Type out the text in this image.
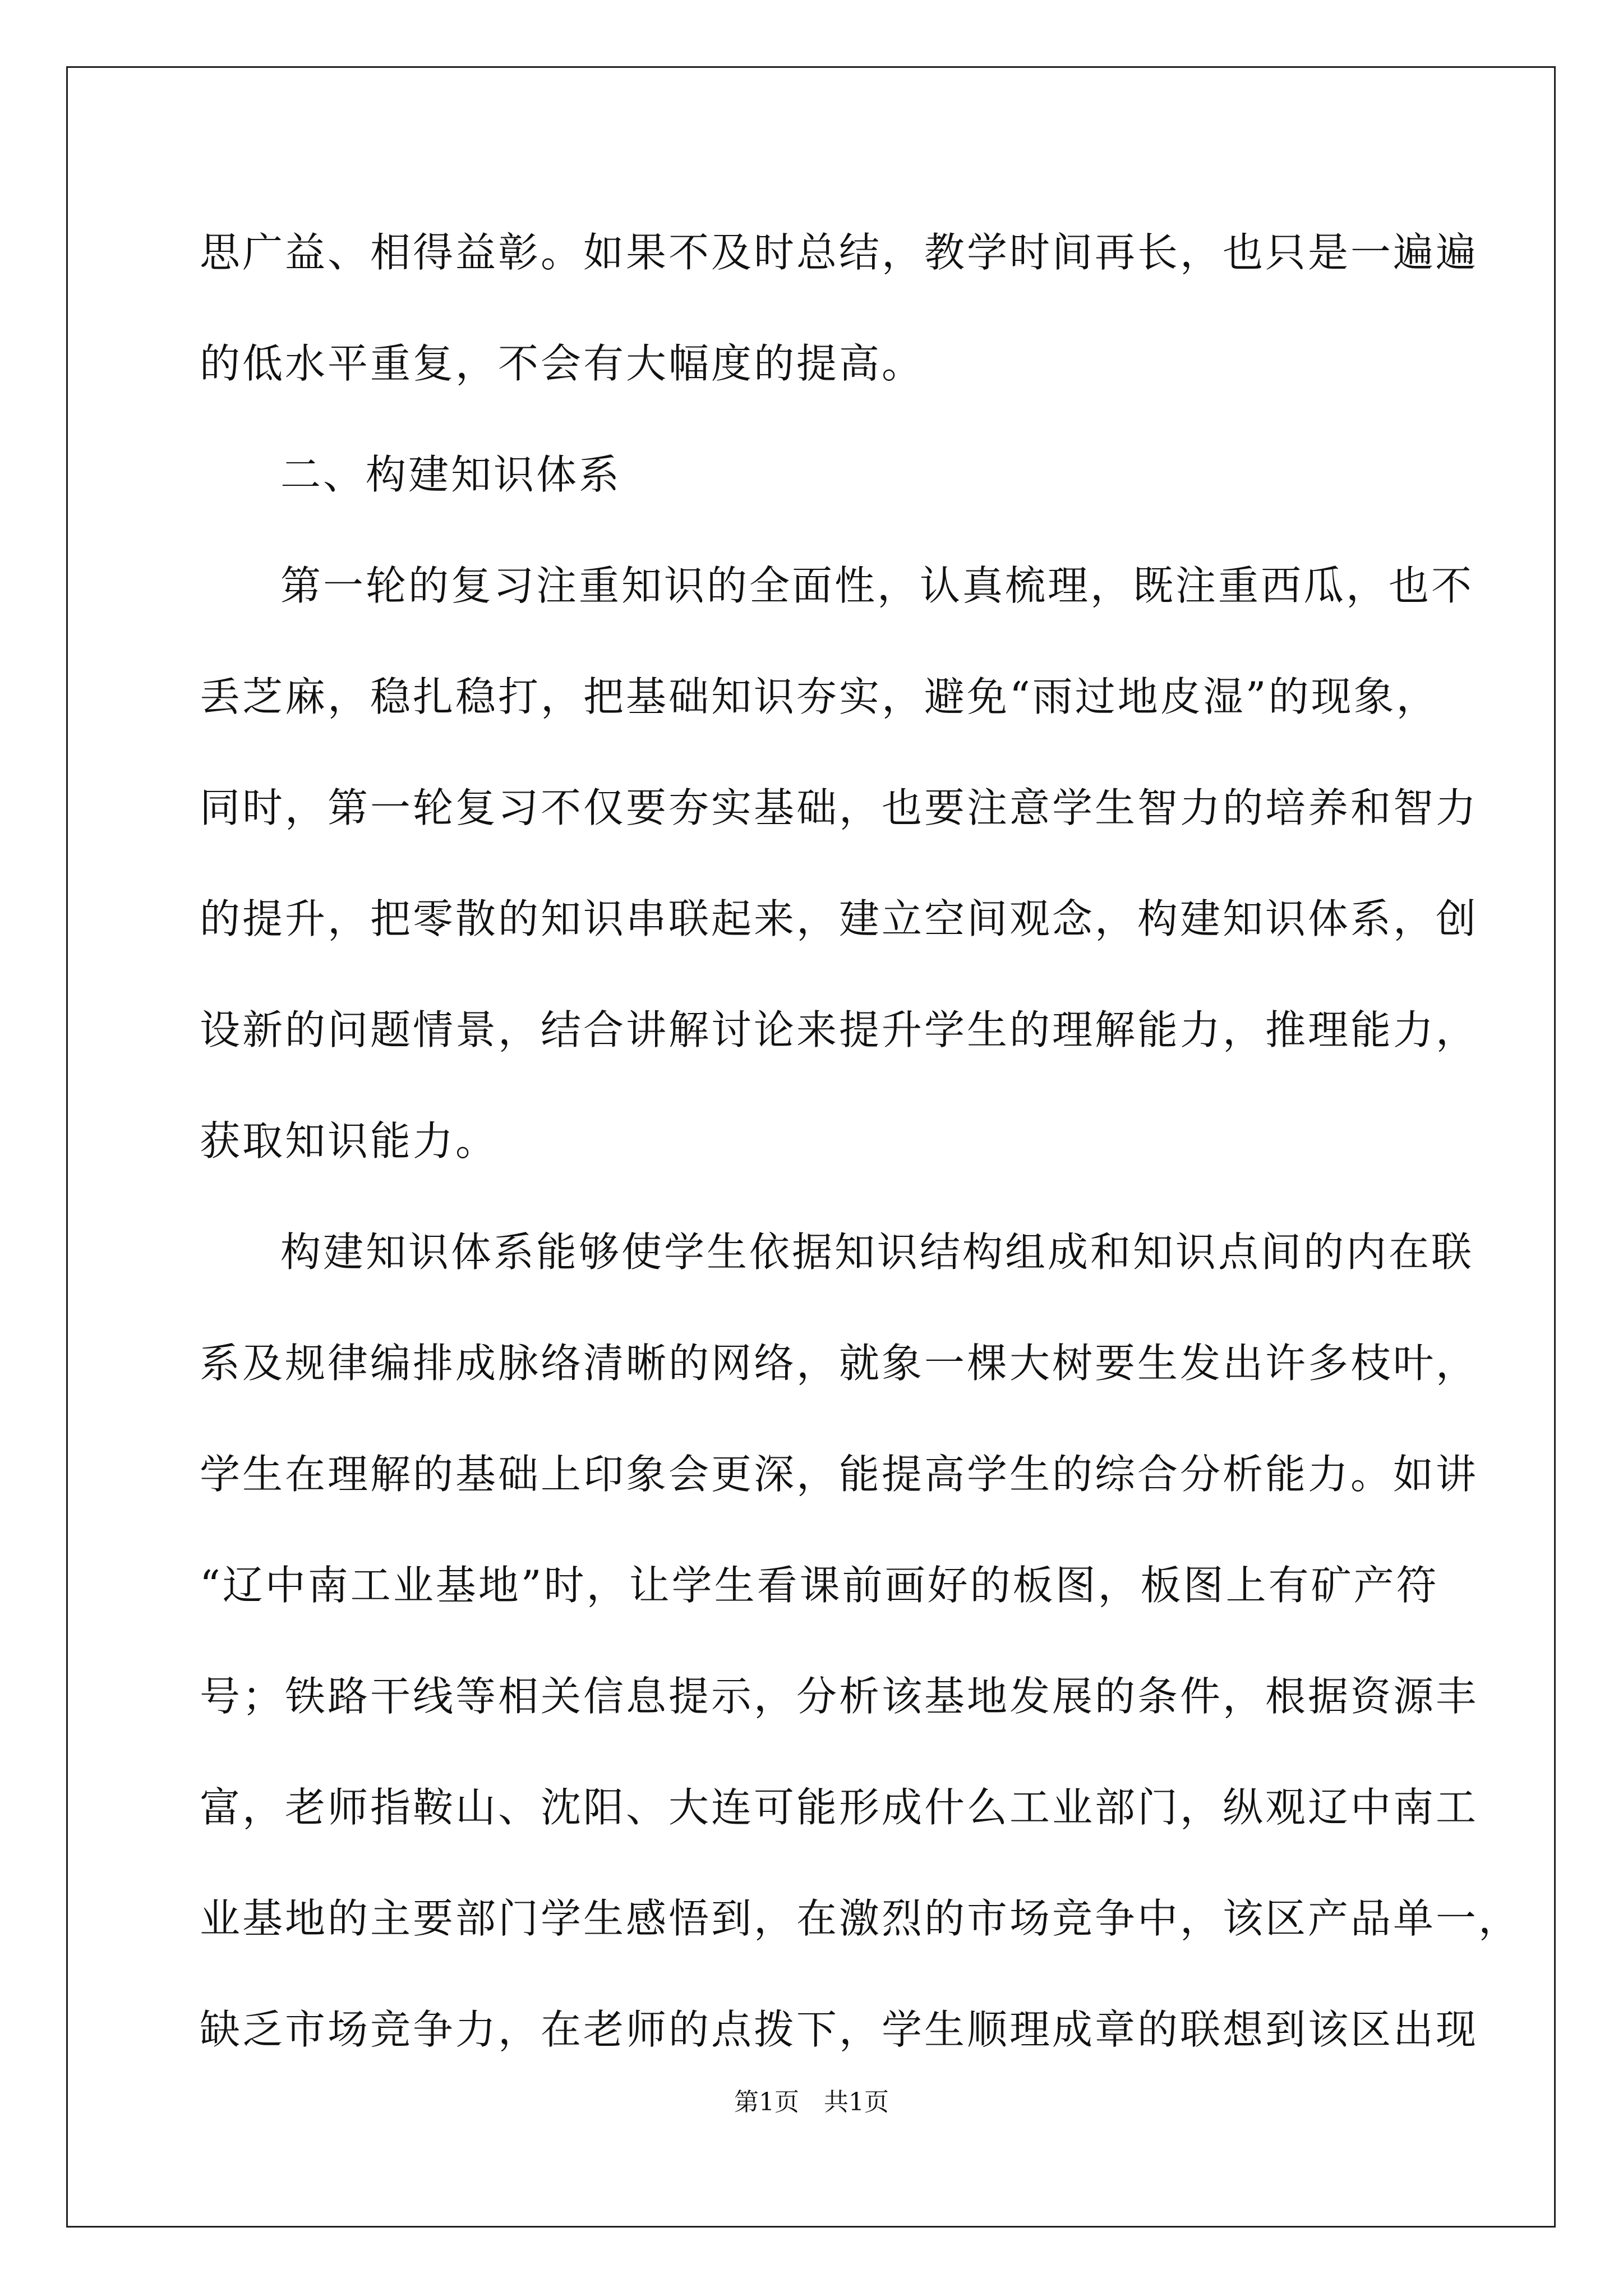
思广益、相得益彰。如果不及时总结，教学时间再长，也只是一遍遍
的低水平重复，不会有大幅度的提高。
二、构建知识体系
第一轮的复习注重知识的全面性，认真梳理，既注重西瓜，也不
丢芝麻，稳扎稳打，把基础知识夯实，避免“雨过地皮湿”的现象，
同时，第一轮复习不仅要夯实基础，也要注意学生智力的培养和智力
的提升，把零散的知识串联起来，建立空间观念，构建知识体系，创
设新的问题情景，结合讲解讨论来提升学生的理解能力，推理能力，
获取知识能力。
构建知识体系能够使学生依据知识结构组成和知识点间的内在联
系及规律编排成脉络清晰的网络，就象一棵大树要生发出许多枝叶，
学生在理解的基础上印象会更深，能提高学生的综合分析能力。如讲
“辽中南工业基地”时，让学生看课前画好的板图，板图上有矿产符
号；铁路干线等相关信息提示，分析该基地发展的条件，根据资源丰
富，老师指鞍山、沈阳、大连可能形成什么工业部门，纵观辽中南工
业基地的主要部门学生感悟到，在激烈的市场竞争中，该区产品单一，
缺乏市场竞争力，在老师的点拨下，学生顺理成章的联想到该区出现
第1页　共1页
